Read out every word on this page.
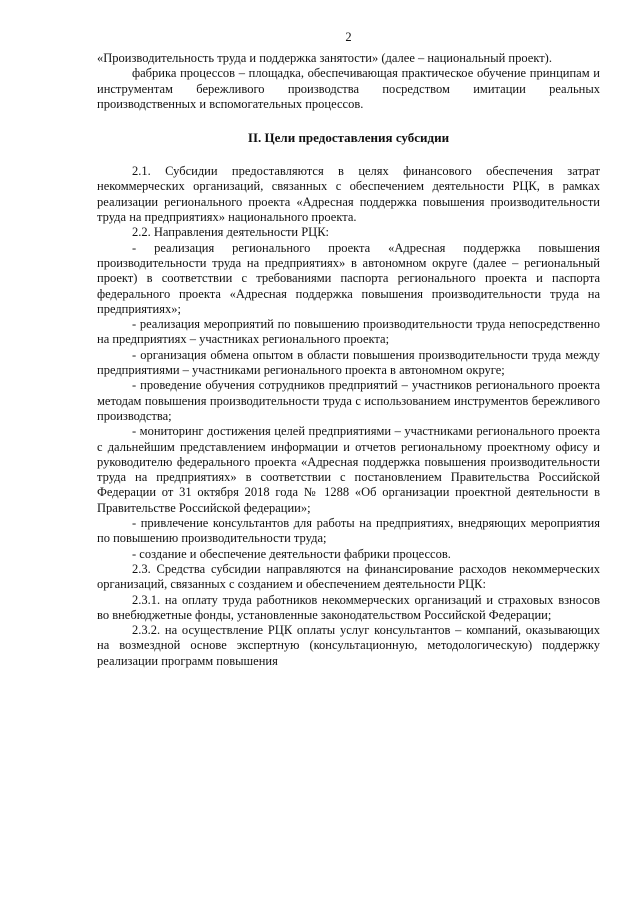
2

«Производительность труда и поддержка занятости» (далее – национальный проект).

фабрика процессов – площадка, обеспечивающая практическое обучение принципам и инструментам бережливого производства посредством имитации реальных производственных и вспомогательных процессов.

II. Цели предоставления субсидии

2.1. Субсидии предоставляются в целях финансового обеспечения затрат некоммерческих организаций, связанных с обеспечением деятельности РЦК, в рамках реализации регионального проекта «Адресная поддержка повышения производительности труда на предприятиях» национального проекта.

2.2. Направления деятельности РЦК:

- реализация регионального проекта «Адресная поддержка повышения производительности труда на предприятиях» в автономном округе (далее – региональный проект) в соответствии с требованиями паспорта регионального проекта и паспорта федерального проекта «Адресная поддержка повышения производительности труда на предприятиях»;

- реализация мероприятий по повышению производительности труда непосредственно на предприятиях – участниках регионального проекта;

- организация обмена опытом в области повышения производительности труда между предприятиями – участниками регионального проекта в автономном округе;

- проведение обучения сотрудников предприятий – участников регионального проекта методам повышения производительности труда с использованием инструментов бережливого производства;

- мониторинг достижения целей предприятиями – участниками регионального проекта с дальнейшим представлением информации и отчетов региональному проектному офису и руководителю федерального проекта «Адресная поддержка повышения производительности труда на предприятиях» в соответствии с постановлением Правительства Российской Федерации от 31 октября 2018 года № 1288 «Об организации проектной деятельности в Правительстве Российской федерации»;

- привлечение консультантов для работы на предприятиях, внедряющих мероприятия по повышению производительности труда;

- создание и обеспечение деятельности фабрики процессов.

2.3. Средства субсидии направляются на финансирование расходов некоммерческих организаций, связанных с созданием и обеспечением деятельности РЦК:

2.3.1. на оплату труда работников некоммерческих организаций и страховых взносов во внебюджетные фонды, установленные законодательством Российской Федерации;

2.3.2. на осуществление РЦК оплаты услуг консультантов – компаний, оказывающих на возмездной основе экспертную (консультационную, методологическую) поддержку реализации программ повышения
